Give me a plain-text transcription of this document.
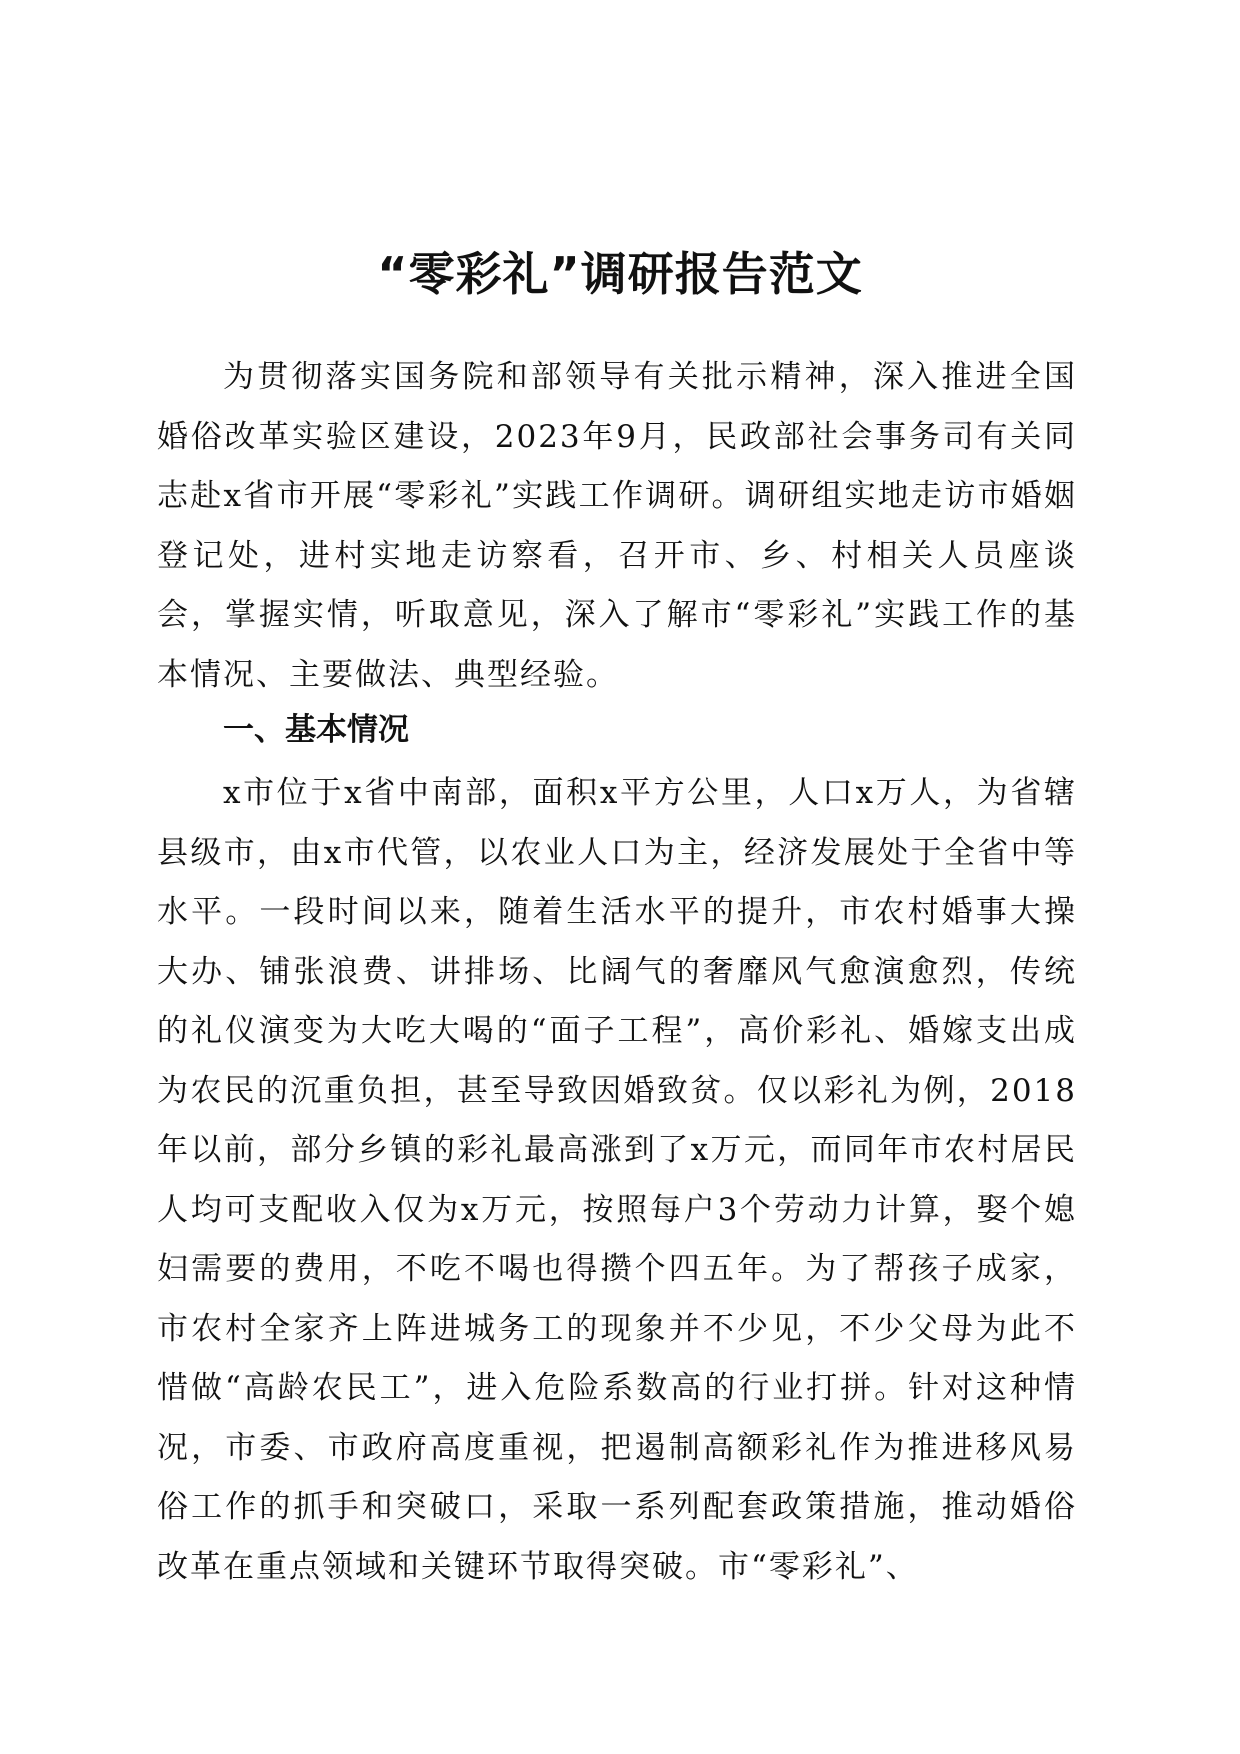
“零彩礼”调研报告范文

为贯彻落实国务院和部领导有关批示精神，深入推进全国婚俗改革实验区建设，2023年9月，民政部社会事务司有关同志赴x省市开展“零彩礼”实践工作调研。调研组实地走访市婚姻登记处，进村实地走访察看，召开市、乡、村相关人员座谈会，掌握实情，听取意见，深入了解市“零彩礼”实践工作的基本情况、主要做法、典型经验。

一、基本情况

x市位于x省中南部，面积x平方公里，人口x万人，为省辖县级市，由x市代管，以农业人口为主，经济发展处于全省中等水平。一段时间以来，随着生活水平的提升，市农村婚事大操大办、铺张浪费、讲排场、比阔气的奢靡风气愈演愈烈，传统的礼仪演变为大吃大喝的“面子工程”，高价彩礼、婚嫁支出成为农民的沉重负担，甚至导致因婚致贫。仅以彩礼为例，2018年以前，部分乡镇的彩礼最高涨到了x万元，而同年市农村居民人均可支配收入仅为x万元，按照每户3个劳动力计算，娶个媳妇需要的费用，不吃不喝也得攒个四五年。为了帮孩子成家，市农村全家齐上阵进城务工的现象并不少见，不少父母为此不惜做“高龄农民工”，进入危险系数高的行业打拼。针对这种情况，市委、市政府高度重视，把遏制高额彩礼作为推进移风易俗工作的抓手和突破口，采取一系列配套政策措施，推动婚俗改革在重点领域和关键环节取得突破。市“零彩礼”、
